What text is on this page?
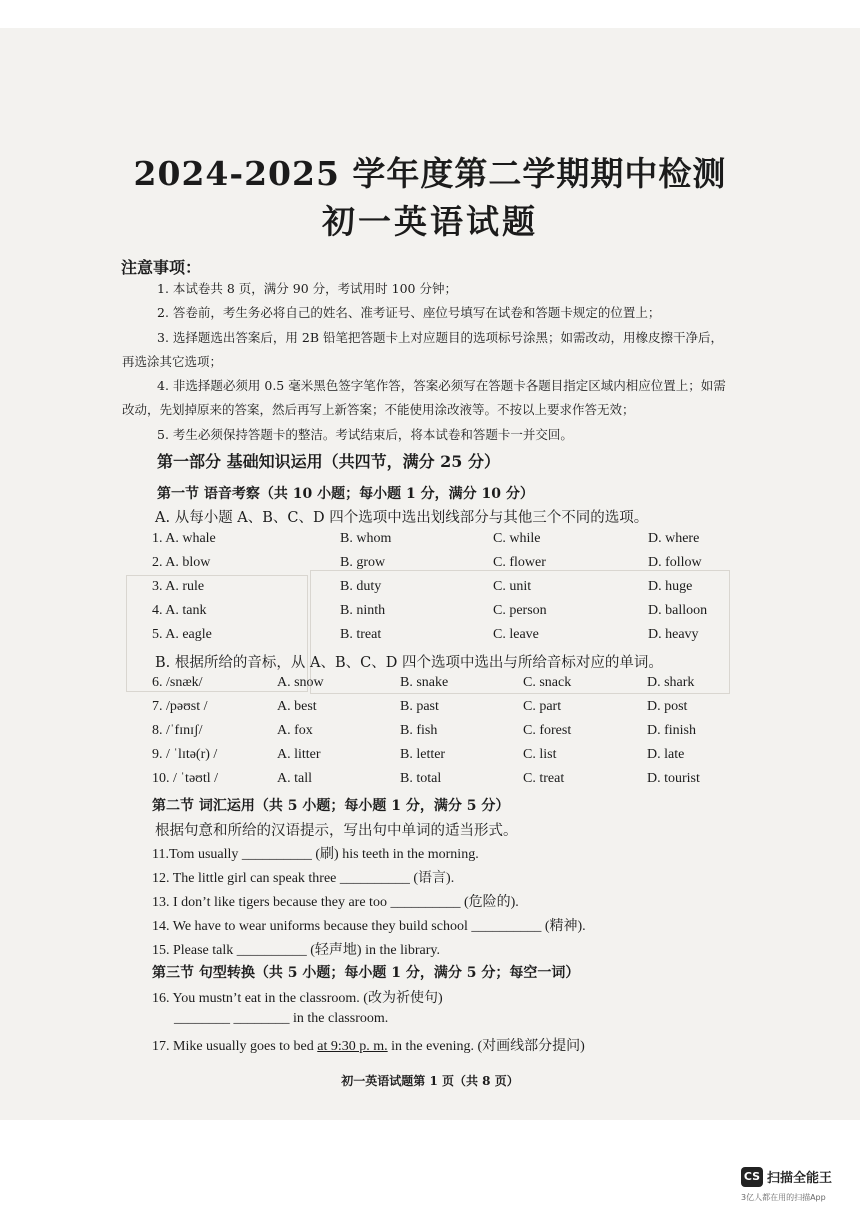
2024-2025 学年度第二学期期中检测
初一英语试题
注意事项：
1. 本试卷共 8 页，满分 90 分，考试用时 100 分钟；
2. 答卷前，考生务必将自己的姓名、准考证号、座位号填写在试卷和答题卡规定的位置上；
3. 选择题选出答案后，用 2B 铅笔把答题卡上对应题目的选项标号涂黑；如需改动，用橡皮擦干净后，
再选涂其它选项；
4. 非选择题必须用 0.5 毫米黑色签字笔作答，答案必须写在答题卡各题目指定区域内相应位置上；如需
改动，先划掉原来的答案，然后再写上新答案；不能使用涂改液等。不按以上要求作答无效；
5. 考生必须保持答题卡的整洁。考试结束后，将本试卷和答题卡一并交回。
第一部分 基础知识运用（共四节，满分 25 分）
第一节 语音考察（共 10 小题；每小题 1 分，满分 10 分）
A. 从每小题 A、B、C、D 四个选项中选出划线部分与其他三个不同的选项。
1. A. whale	B. whom	C. while	D. where
2. A. blow	B. grow	C. flower	D. follow
3. A. rule	B. duty	C. unit	D. huge
4. A. tank	B. ninth	C. person	D. balloon
5. A. eagle	B. treat	C. leave	D. heavy
B. 根据所给的音标，从 A、B、C、D 四个选项中选出与所给音标对应的单词。
6. /snæk/	A. snow	B. snake	C. snack	D. shark
7. /pəʊst /	A. best	B. past	C. part	D. post
8. /ˈfɪnɪʃ/	A. fox	B. fish	C. forest	D. finish
9. / ˈlɪtə(r) /	A. litter	B. letter	C. list	D. late
10. / ˈtəʊtl /	A. tall	B. total	C. treat	D. tourist
第二节 词汇运用（共 5 小题；每小题 1 分，满分 5 分）
根据句意和所给的汉语提示，写出句中单词的适当形式。
11.Tom usually __________ (刷) his teeth in the morning.
12. The little girl can speak three __________ (语言).
13. I don’t like tigers because they are too __________ (危险的).
14. We have to wear uniforms because they build school __________ (精神).
15. Please talk __________ (轻声地) in the library.
第三节 句型转换（共 5 小题；每小题 1 分，满分 5 分；每空一词）
16. You mustn’t eat in the classroom. (改为祈使句)
________ ________ in the classroom.
17. Mike usually goes to bed at 9:30 p. m. in the evening. (对画线部分提问)
初一英语试题第 1 页（共 8 页）
CS 扫描全能王
3亿人都在用的扫描App
